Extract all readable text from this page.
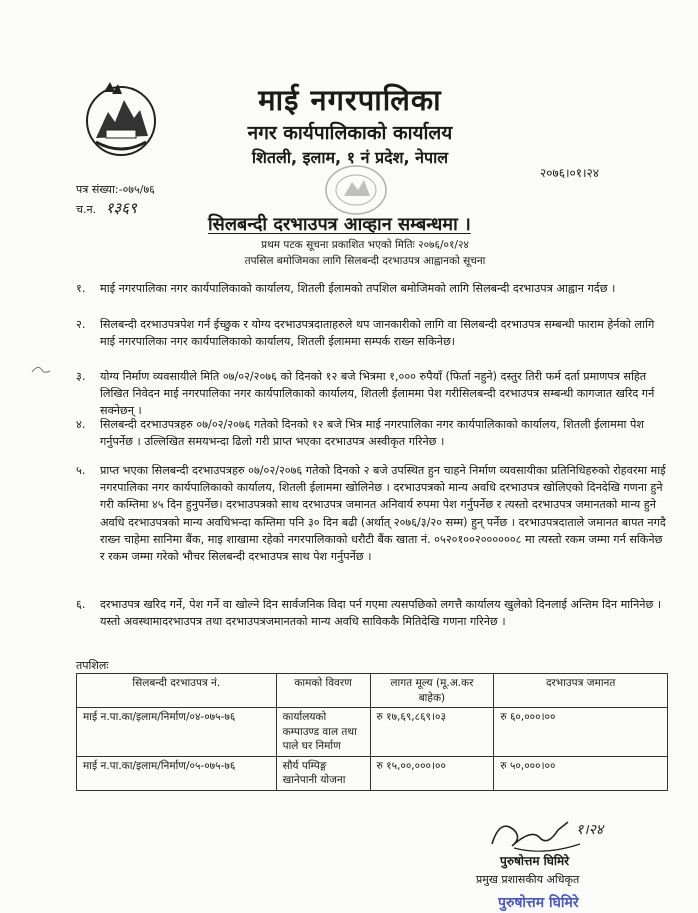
माई नगरपालिका
नगर कार्यपालिकाको कार्यालय
शितली, इलाम, १ नं प्रदेश, नेपाल
२०७६।०१।२४
पत्र संख्या:-०७५/७६
च.न. १३६९
सिलबन्दी दरभाउपत्र आव्हान सम्बन्धमा ।
प्रथम पटक सूचना प्रकाशित भएको मितिः २०७६/०१/२४
तपसिल बमोजिमका लागि सिलबन्दी दरभाउपत्र आह्वानको सूचना
१. माई नगरपालिका नगर कार्यपालिकाको कार्यालय, शितली ईलामको तपशिल बमोजिमको लागि सिलबन्दी दरभाउपत्र आह्वान गर्दछ ।
२. सिलबन्दी दरभाउपत्रपेश गर्न ईच्छुक र योग्य दरभाउपत्रदाताहरुले थप जानकारीको लागि वा सिलबन्दी दरभाउपत्र सम्बन्धी फाराम हेर्नको लागि माई नगरपालिका नगर कार्यपालिकाको कार्यालय, शितली ईलाममा सम्पर्क राख्न सकिनेछ।
३. योग्य निर्माण व्यवसायीले मिति ०७/०२/२०७६ को दिनको १२ बजे भित्रमा १,००० रुपैयाँ (फिर्ता नहुने) दस्तुर तिरी फर्म दर्ता प्रमाणपत्र सहित लिखित निवेदन माई नगरपालिका नगर कार्यपालिकाको कार्यालय, शितली ईलाममा पेश गरीसिलबन्दी दरभाउपत्र सम्बन्धी कागजात खरिद गर्न सक्नेछन् ।
४. सिलबन्दी दरभाउपत्रहरु ०७/०२/२०७६ गतेको दिनको १२ बजे भित्र माई नगरपालिका नगर कार्यपालिकाको कार्यालय, शितली ईलाममा पेश गर्नुपर्नेछ । उल्लिखित समयभन्दा ढिलो गरी प्राप्त भएका दरभाउपत्र अस्वीकृत गरिनेछ ।
५. प्राप्त भएका सिलबन्दी दरभाउपत्रहरु ०७/०२/२०७६ गतेको दिनको २ बजे उपस्थित हुन चाहने निर्माण व्यवसायीका प्रतिनिधिहरुको रोहवरमा माई नगरपालिका नगर कार्यपालिकाको कार्यालय, शितली ईलाममा खोलिनेछ । दरभाउपत्रको मान्य अवधि दरभाउपत्र खोलिएको दिनदेखि गणना हुने गरी कम्तिमा ४५ दिन हुनुपर्नेछ। दरभाउपत्रको साथ दरभाउपत्र जमानत अनिवार्य रुपमा पेश गर्नुपर्नेछ र त्यस्तो दरभाउपत्र जमानतको मान्य हुने अवधि दरभाउपत्रको मान्य अवधिभन्दा कम्तिमा पनि ३० दिन बढी (अर्थात् २०७६/३/२० सम्म) हुन् पर्नेछ । दरभाउपत्रदाताले जमानत बापत नगदै राख्न चाहेमा सानिमा बैंक, माइ शाखामा रहेको नगरपालिकाको धरौटी बैंक खाता नं. ०५२०१००२००००००८ मा त्यस्तो रकम जम्मा गर्न सकिनेछ र रकम जम्मा गरेको भौचर सिलबन्दी दरभाउपत्र साथ पेश गर्नुपर्नेछ ।
६. दरभाउपत्र खरिद गर्ने, पेश गर्ने वा खोल्ने दिन सार्वजनिक विदा पर्न गएमा त्यसपछिको लगत्तै कार्यालय खुलेको दिनलाई अन्तिम दिन मानिनेछ । यस्तो अवस्थामादरभाउपत्र तथा दरभाउपत्रजमानतको मान्य अवधि साविककै मितिदेखि गणना गरिनेछ ।
तपशिलः
सिलबन्दी दरभाउपत्र नं.	कामको विवरण	लागत मूल्य (मू.अ.कर बाहेक)	दरभाउपत्र जमानत
माई न.पा.का/इलाम/निर्माण/०४-०७५-७६	कार्यालयको कम्पाउण्ड वाल तथा पाले घर निर्माण	रु १७,६९,८६९।०३	रु ६०,०००।००
माई न.पा.का/इलाम/निर्माण/०५-०७५-७६	सौर्य पम्पिङ्ग खानेपानी योजना	रु १५,००,०००।००	रु ५०,०००।००
१।२४
पुरुषोत्तम घिमिरे
प्रमुख प्रशासकीय अधिकृत
पुरुषोत्तम घिमिरे
